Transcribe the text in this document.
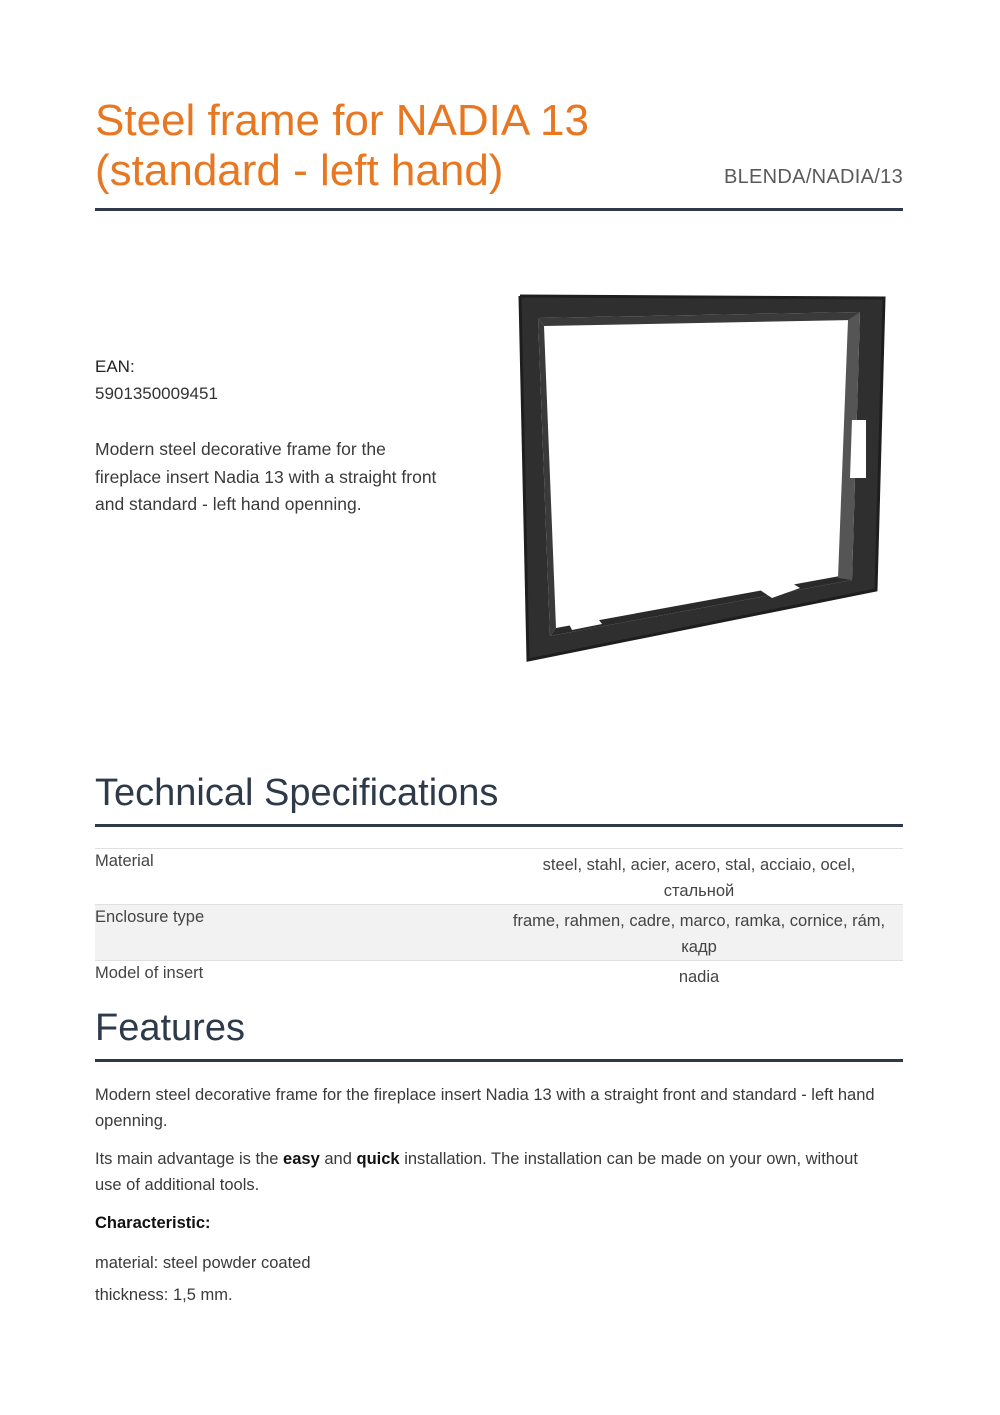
Steel frame for NADIA 13 (standard - left hand)	BLENDA/NADIA/13
EAN:
5901350009451
Modern steel decorative frame for the fireplace insert Nadia 13 with a straight front and standard - left hand openning.
Technical Specifications
Material	steel, stahl, acier, acero, stal, acciaio, ocel,
стальной

Enclosure type	frame, rahmen, cadre, marco, ramka, cornice, rám,
кадр

Model of insert	nadia
Features

Modern steel decorative frame for the fireplace insert Nadia 13 with a straight front and standard - left hand openning.

Its main advantage is the easy and quick installation. The installation can be made on your own, without use of additional tools.

Characteristic:

material: steel powder coated

thickness: 1,5 mm.
